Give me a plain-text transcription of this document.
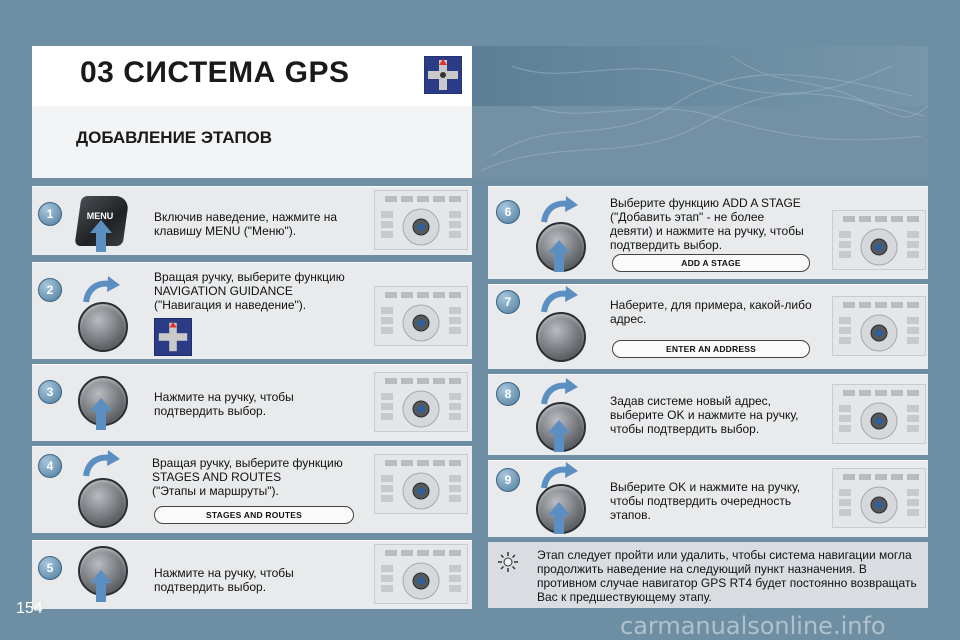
03 СИСТЕМА GPS
ДОБАВЛЕНИЕ ЭТАПОВ
1	MENU	Включив наведение, нажмите на
клавишу MENU ("Меню").
2
Вращая ручку, выберите функцию
NAVIGATION GUIDANCE
("Навигация и наведение").
3	Нажмите на ручку, чтобы
подтвердить выбор.
4	Вращая ручку, выберите функцию
STAGES AND ROUTES
("Этапы и маршруты").
STAGES AND ROUTES
5	Нажмите на ручку, чтобы
подтвердить выбор.
6
Выберите функцию ADD A STAGE
("Добавить этап" - не более
девяти) и нажмите на ручку, чтобы
подтвердить выбор.
ADD A STAGE
7	Наберите, для примера, какой-либо
адрес.
ENTER AN ADDRESS
8	Задав системе новый адрес,
выберите OK и нажмите на ручку,
чтобы подтвердить выбор.
9	Выберите OK и нажмите на ручку,
чтобы подтвердить очередность
этапов.
Этап следует пройти или удалить, чтобы система навигации могла продолжить наведение на следующий пункт назначения. В противном случае навигатор GPS RT4 будет постоянно возвращать Вас к предшествующему этапу.

154

carmanualsonline.info
